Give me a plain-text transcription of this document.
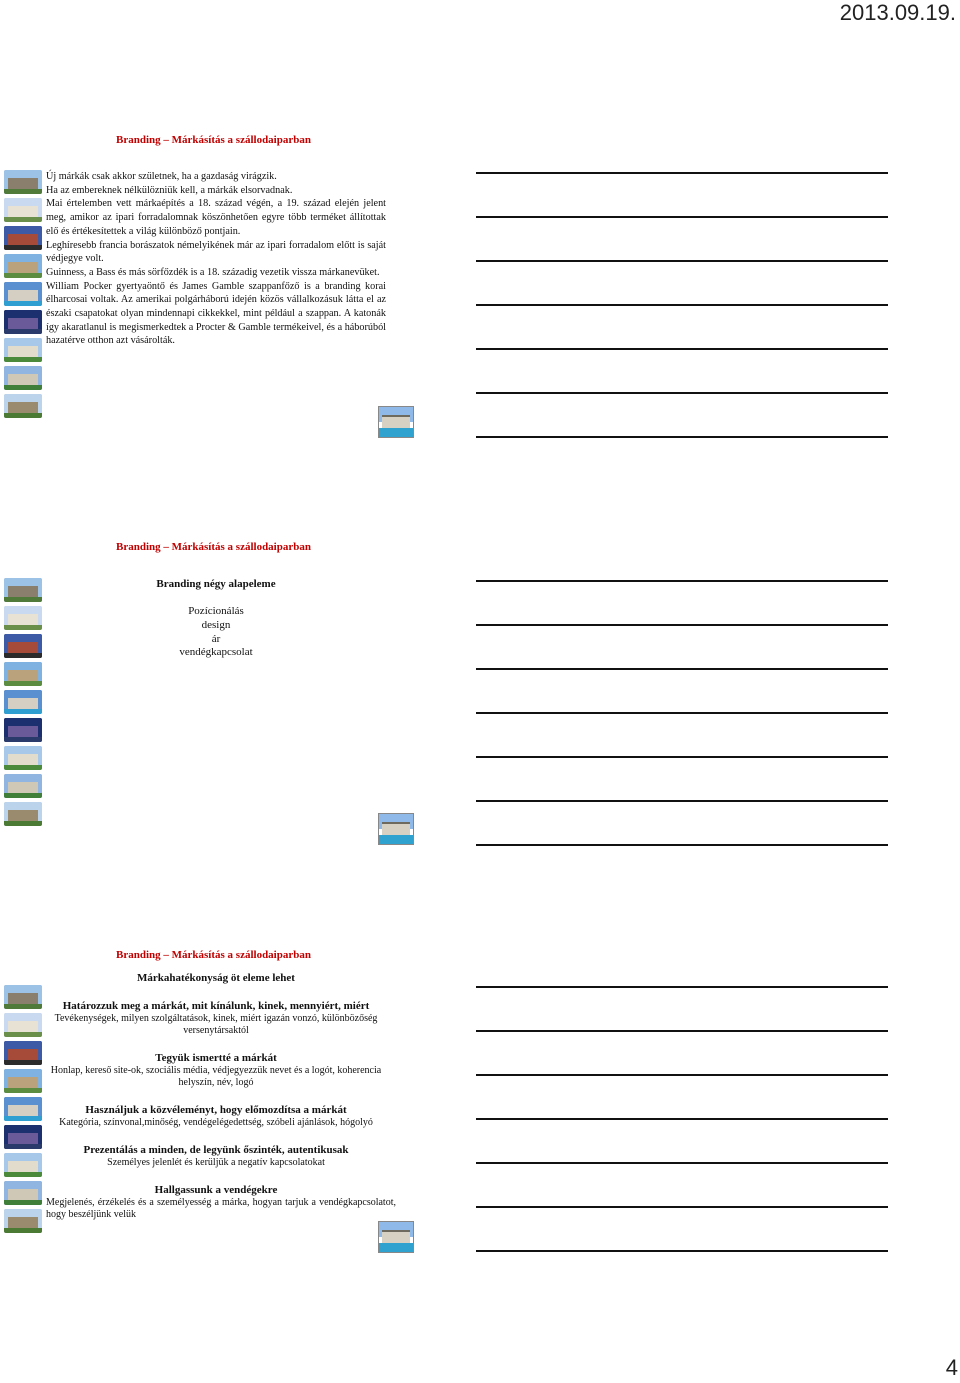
2013.09.19.
Branding – Márkásítás a szállodaiparban

Új márkák csak akkor születnek, ha a gazdaság virágzik.

Ha az embereknek nélkülözniük kell, a márkák elsorvadnak.

Mai értelemben vett márkaépítés a 18. század végén, a 19. század elején jelent meg, amikor az ipari forradalomnak köszönhetően egyre több terméket állítottak elő és értékesítettek a világ különböző pontjain.

Leghíresebb francia borászatok némelyikének már az ipari forradalom előtt is saját védjegye volt.

Guinness, a Bass és más sörfőzdék is a 18. századig vezetik vissza márkanevüket.

William Pocker gyertyaöntő és James Gamble szappanfőző is a branding korai élharcosai voltak. Az amerikai polgárháború idején közös vállalkozásuk látta el az északi csapatokat olyan mindennapi cikkekkel, mint például a szappan. A katonák így akaratlanul is megismerkedtek a Procter & Gamble termékeivel, és a háborúból hazatérve otthon azt vásárolták.

Branding – Márkásítás a szállodaiparban
Branding négy alapeleme
Pozícionálás
design
ár
vendégkapcsolat
Branding – Márkásítás a szállodaiparban
Márkahatékonyság öt eleme lehet
Határozzuk meg a márkát, mit kínálunk, kinek, mennyiért, miért
Tevékenységek, milyen szolgáltatások, kinek, miért igazán vonzó, különbözőség versenytársaktól
Tegyük ismertté a márkát
Honlap, kereső site-ok, szociális média, védjegyezzük nevet és a logót, koherencia helyszín, név, logó
Használjuk a közvéleményt, hogy előmozdítsa a márkát
Kategória, színvonal,minőség, vendégelégedettség, szóbeli ajánlások, hógolyó
Prezentálás a minden, de legyünk őszinték, autentikusak
Személyes jelenlét és kerüljük a negatív kapcsolatokat
Hallgassunk a vendégekre
Megjelenés, érzékelés és a személyesség a márka, hogyan tarjuk a vendégkapcsolatot, hogy beszéljünk velük
4
